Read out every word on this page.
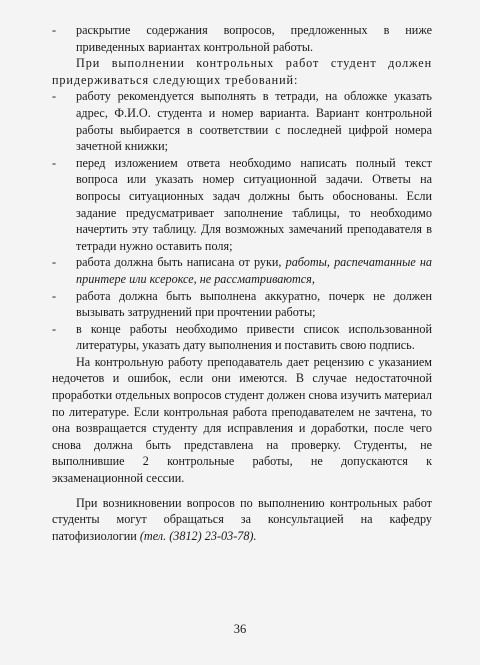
- раскрытие содержания вопросов, предложенных в ниже приведенных вариантах контрольной работы.
При выполнении контрольных работ студент должен придерживаться следующих требований:
- работу рекомендуется выполнять в тетради, на обложке указать адрес, Ф.И.О. студента и номер варианта. Вариант контрольной работы выбирается в соответствии с последней цифрой номера зачетной книжки;
- перед изложением ответа необходимо написать полный текст вопроса или указать номер ситуационной задачи. Ответы на вопросы ситуационных задач должны быть обоснованы. Если задание предусматривает заполнение таблицы, то необходимо начертить эту таблицу. Для возможных замечаний преподавателя в тетради нужно оставить поля;
- работа должна быть написана от руки, работы, распечатанные на принтере или ксероксе, не рассматриваются,
- работа должна быть выполнена аккуратно, почерк не должен вызывать затруднений при прочтении работы;
- в конце работы необходимо привести список использованной литературы, указать дату выполнения и поставить свою подпись.
На контрольную работу преподаватель дает рецензию с указанием недочетов и ошибок, если они имеются. В случае недостаточной проработки отдельных вопросов студент должен снова изучить материал по литературе. Если контрольная работа преподавателем не зачтена, то она возвращается студенту для исправления и доработки, после чего снова должна быть представлена на проверку. Студенты, не выполнившие 2 контрольные работы, не допускаются к экзаменационной сессии.
При возникновении вопросов по выполнению контрольных работ студенты могут обращаться за консультацией на кафедру патофизиологии (тел. (3812) 23-03-78).
36
